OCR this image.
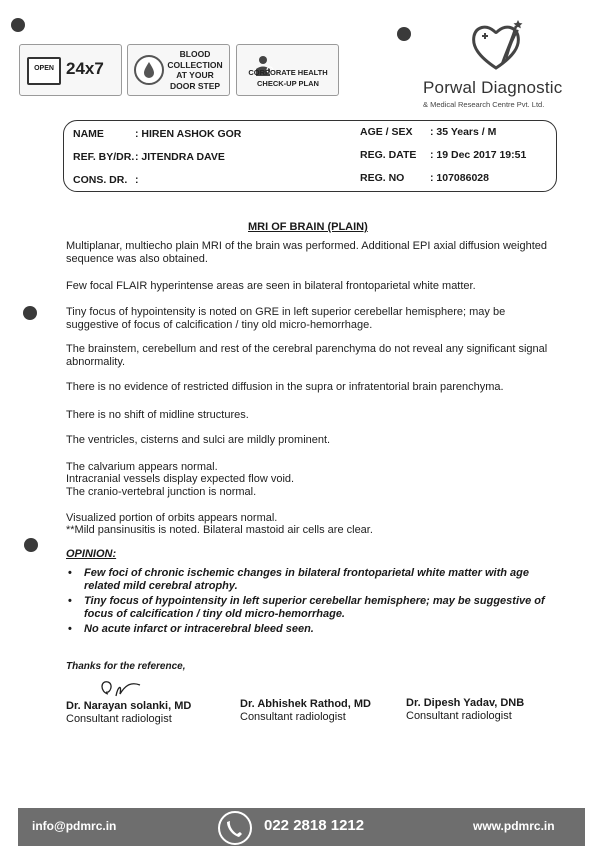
OPEN 24x7
BLOOD COLLECTION AT YOUR DOOR STEP
CORPORATE HEALTH CHECK-UP PLAN	Porwal Diagnostic
& Medical Research Centre Pvt. Ltd.
NAME	: HIREN ASHOK GOR
REF. BY/DR. : JITENDRA DAVE
CONS. DR. :
AGE / SEX : 35 Years / M
REG. DATE : 19 Dec 2017 19:51
REG. NO : 107086028
MRI OF BRAIN (PLAIN)
Multiplanar, multiecho plain MRI of the brain was performed. Additional EPI axial diffusion weighted sequence was also obtained.
Few focal FLAIR hyperintense areas are seen in bilateral frontoparietal white matter.
Tiny focus of hypointensity is noted on GRE in left superior cerebellar hemisphere; may be suggestive of focus of calcification / tiny old micro-hemorrhage.
The brainstem, cerebellum and rest of the cerebral parenchyma do not reveal any significant signal abnormality.
There is no evidence of restricted diffusion in the supra or infratentorial brain parenchyma.
There is no shift of midline structures.
The ventricles, cisterns and sulci are mildly prominent.
The calvarium appears normal.
Intracranial vessels display expected flow void.
The cranio-vertebral junction is normal.
Visualized portion of orbits appears normal.
**Mild pansinusitis is noted. Bilateral mastoid air cells are clear.
OPINION:
• Few foci of chronic ischemic changes in bilateral frontoparietal white matter with age related mild cerebral atrophy.
• Tiny focus of hypointensity in left superior cerebellar hemisphere; may be suggestive of focus of calcification / tiny old micro-hemorrhage.
• No acute infarct or intracerebral bleed seen.
Thanks for the reference,
Dr. Narayan solanki, MD
Consultant radiologist
Dr. Abhishek Rathod, MD
Consultant radiologist
Dr. Dipesh Yadav, DNB
Consultant radiologist
info@pdmrc.in	022 2818 1212	www.pdmrc.in
